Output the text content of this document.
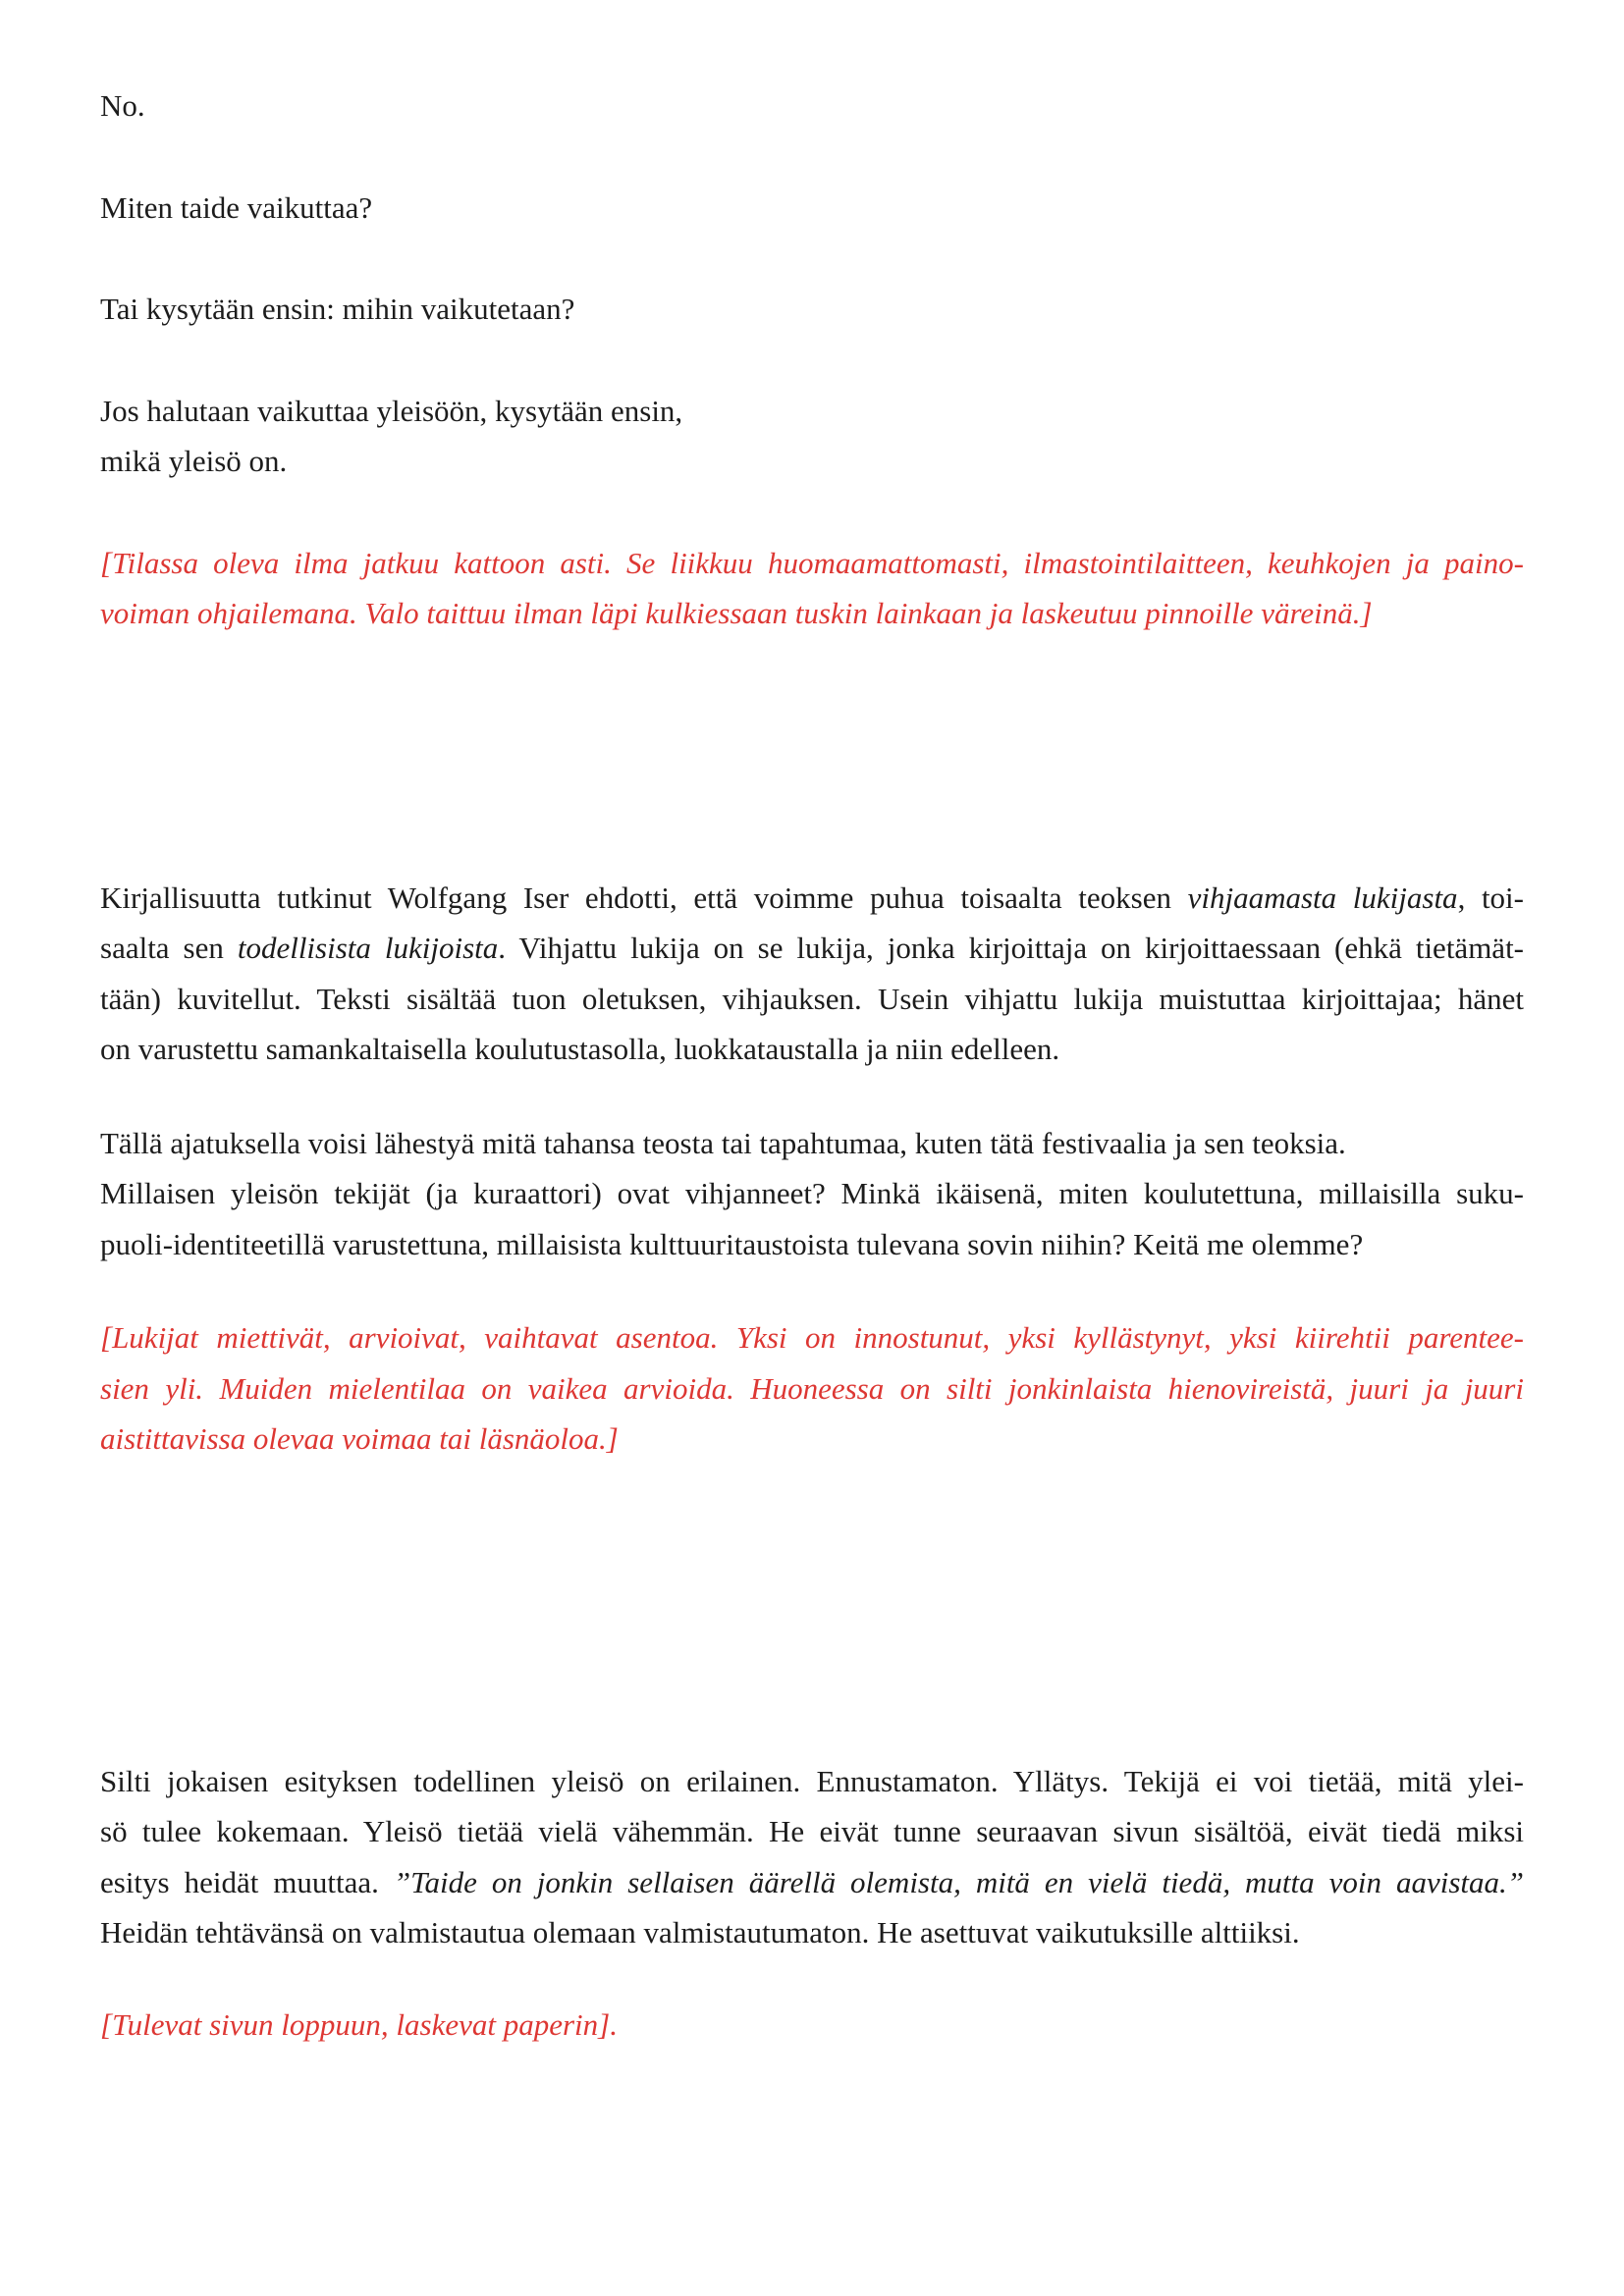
No.
Miten taide vaikuttaa?
Tai kysytään ensin: mihin vaikutetaan?
Jos halutaan vaikuttaa yleisöön, kysytään ensin,
mikä yleisö on.
[Tilassa oleva ilma jatkuu kattoon asti. Se liikkuu huomaamattomasti, ilmastointilaitteen, keuhkojen ja paino-
voiman ohjailemana. Valo taittuu ilman läpi kulkiessaan tuskin lainkaan ja laskeutuu pinnoille väreinä.]
Kirjallisuutta tutkinut Wolfgang Iser ehdotti, että voimme puhua toisaalta teoksen vihjaamasta lukijasta, toi-
saalta sen todellisista lukijoista. Vihjattu lukija on se lukija, jonka kirjoittaja on kirjoittaessaan (ehkä tietämät-
tään) kuvitellut. Teksti sisältää tuon oletuksen, vihjauksen. Usein vihjattu lukija muistuttaa kirjoittajaa; hänet
on varustettu samankaltaisella koulutustasolla, luokkataustalla ja niin edelleen.
Tällä ajatuksella voisi lähestyä mitä tahansa teosta tai tapahtumaa, kuten tätä festivaalia ja sen teoksia.
Millaisen yleisön tekijät (ja kuraattori) ovat vihjanneet? Minkä ikäisenä, miten koulutettuna, millaisilla suku-
puoli-identiteetillä varustettuna, millaisista kulttuuritaustoista tulevana sovin niihin? Keitä me olemme?
[Lukijat miettivät, arvioivat, vaihtavat asentoa. Yksi on innostunut, yksi kyllästynyt, yksi kiirehtii parentee-
sien yli. Muiden mielentilaa on vaikea arvioida. Huoneessa on silti jonkinlaista hienovireistä, juuri ja juuri
aistittavissa olevaa voimaa tai läsnäoloa.]
Silti jokaisen esityksen todellinen yleisö on erilainen. Ennustamaton. Yllätys. Tekijä ei voi tietää, mitä ylei-
sö tulee kokemaan. Yleisö tietää vielä vähemmän. He eivät tunne seuraavan sivun sisältöä, eivät tiedä miksi
esitys heidät muuttaa. ”Taide on jonkin sellaisen äärellä olemista, mitä en vielä tiedä, mutta voin aavistaa.”
Heidän tehtävänsä on valmistautua olemaan valmistautumaton. He asettuvat vaikutuksille alttiiksi.
[Tulevat sivun loppuun, laskevat paperin].
